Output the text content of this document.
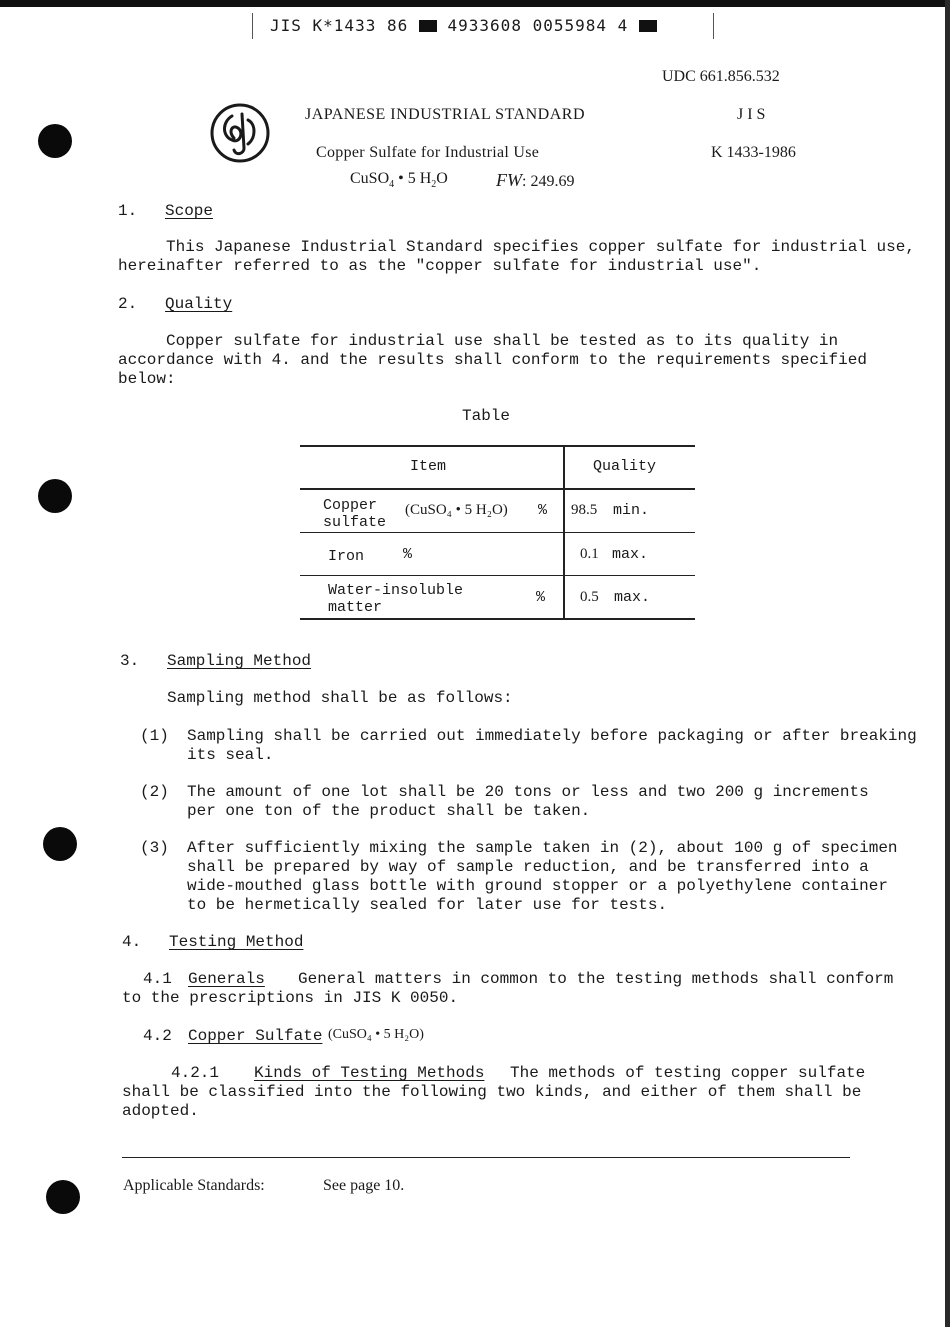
JIS K*1433 86 4933608 0055984 4
UDC 661.856.532
JAPANESE INDUSTRIAL STANDARD	J I S
Copper Sulfate for Industrial Use	K 1433-1986
CuSO$_4$ • 5 $H_2O$	FW: 249.69
1. Scope
This Japanese Industrial Standard specifies copper sulfate for industrial use,
hereinafter referred to as the "copper sulfate for industrial use".
2. Quality
Copper sulfate for industrial use shall be tested as to its quality in
accordance with 4. and the results shall conform to the requirements specified
below:
Table
Item	Quality
Copper
sulfate
(CuSO₄ • 5 H₂O) % 98.5 min.
Iron	%	0.1 max.
Water-insoluble
matter
% 0.5 max.
3. Sampling Method
Sampling method shall be as follows:
(1) Sampling shall be carried out immediately before packaging or after breaking
its seal.
(2) The amount of one lot shall be 20 tons or less and two 200 g increments
per one ton of the product shall be taken.
(3) After sufficiently mixing the sample taken in (2), about 100 g of specimen
shall be prepared by way of sample reduction, and be transferred into a
wide-mouthed glass bottle with ground stopper or a polyethylene container
to be hermetically sealed for later use for tests.
4. Testing Method
4.1 Generals General matters in common to the testing methods shall conform
to the prescriptions in JIS K 0050.
4.2 Copper Sulfate (CuSO₄ • 5 H₂O)
4.2.1 Kinds of Testing Methods The methods of testing copper sulfate
shall be classified into the following two kinds, and either of them shall be
adopted.
Applicable Standards:	See page 10.
